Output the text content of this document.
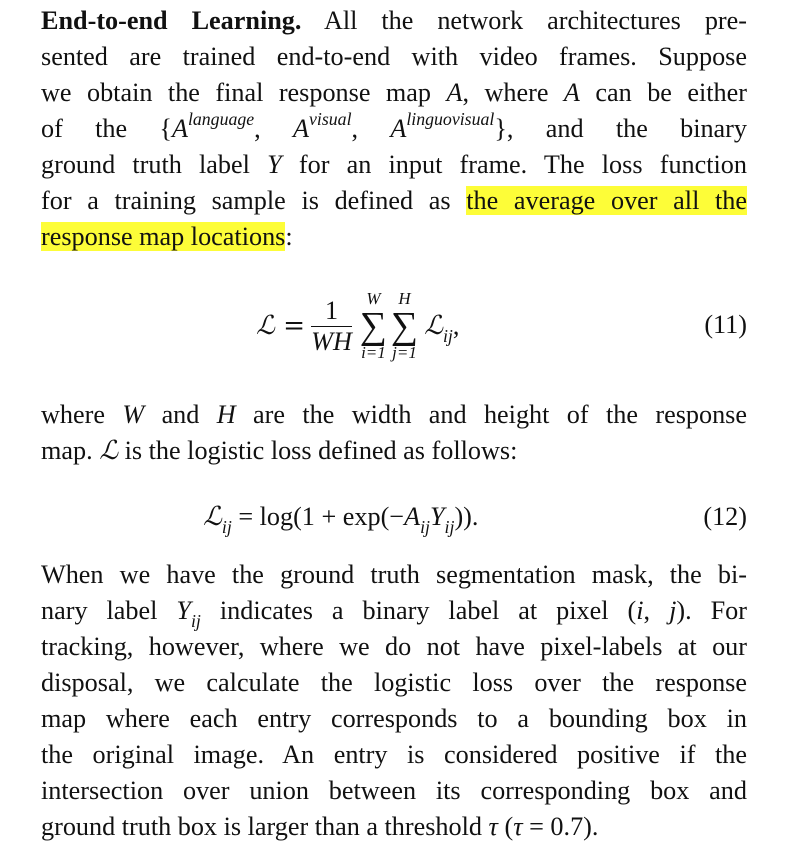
End-to-end Learning. All the network architectures pre-
sented are trained end-to-end with video frames. Suppose
we obtain the final response map A, where A can be either
of the {$A^{language}$, $A^{visual}$, $A^{linguovisual}$}, and the binary
ground truth label Y for an input frame. The loss function
for a training sample is defined as the average over all the
response map locations:

ℒ = $\frac{1}{WH}$ W
∑
i=1
H
∑
j=1
ℒ$_{ij}$,	(11)

where W and H are the width and height of the response
map. ℒ is the logistic loss defined as follows:

ℒ$_{ij}$ = $\log(1 + \exp(-A_{ij}Y_{ij}))$.	(12)

When we have the ground truth segmentation mask, the bi-
nary label $Y_{ij}$ indicates a binary label at pixel (i, j). For
tracking, however, where we do not have pixel-labels at our
disposal, we calculate the logistic loss over the response
map where each entry corresponds to a bounding box in
the original image. An entry is considered positive if the
intersection over union between its corresponding box and
ground truth box is larger than a threshold τ (τ = 0.7).
